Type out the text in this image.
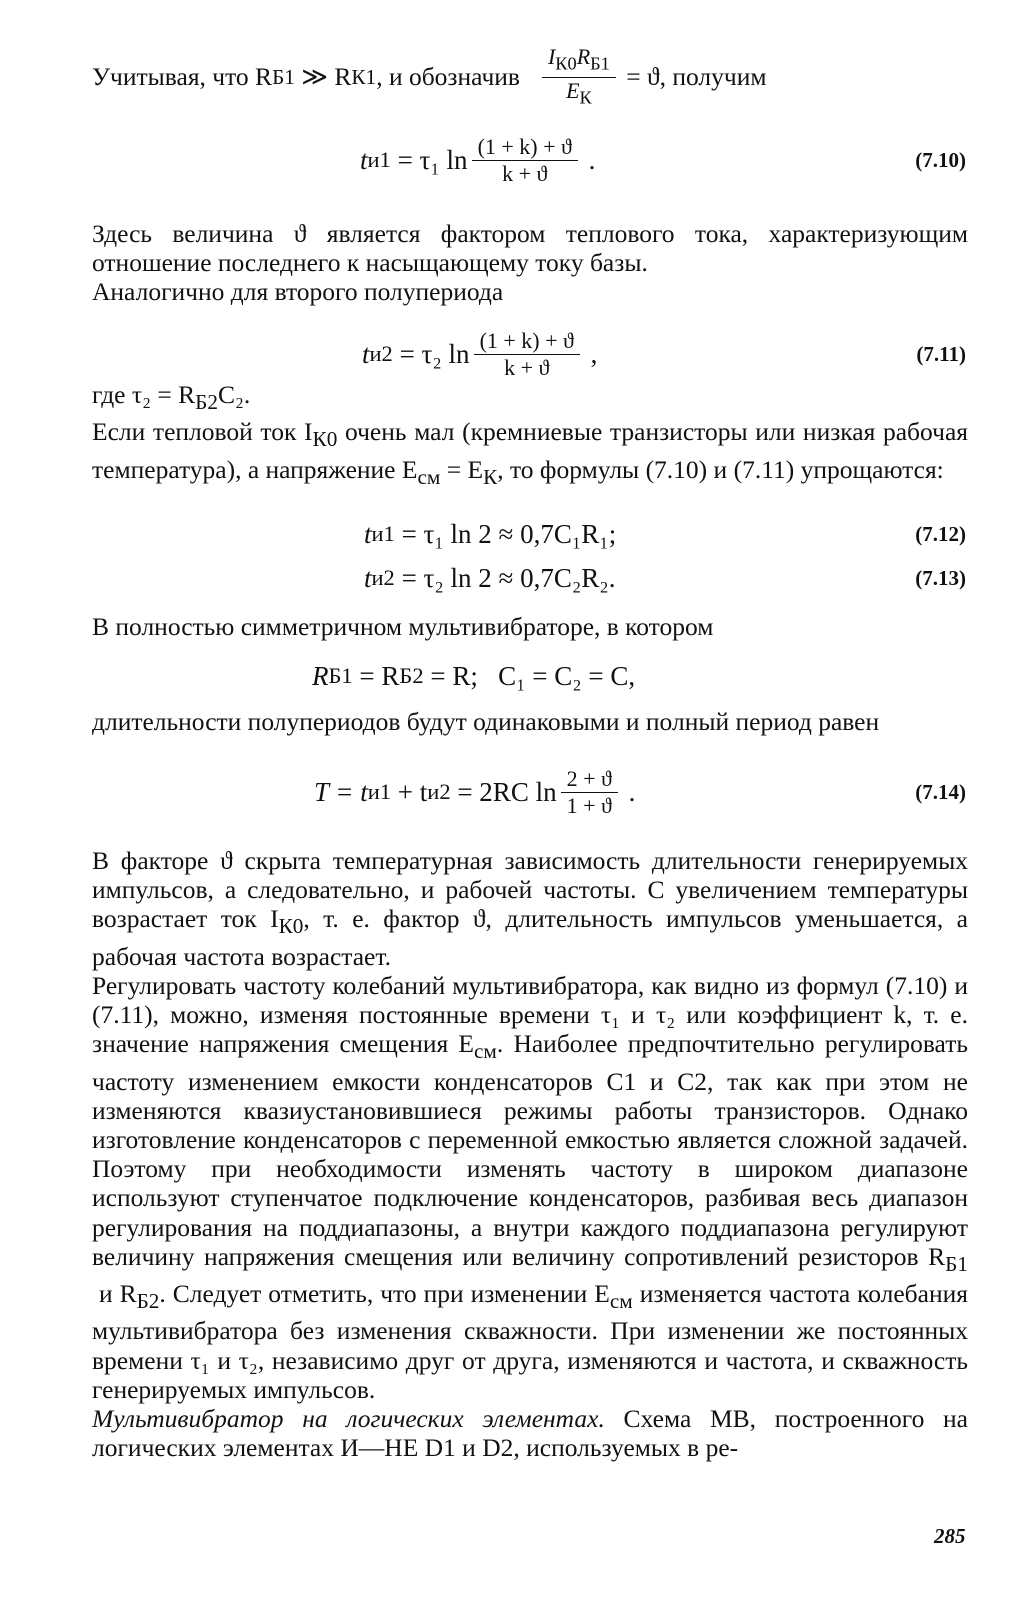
Учитывая, что R Б1 ≫ R К1 , и обозначив $\frac{I_{К0}R_{Б1}}{E_К} = ϑ$, получим
t и1 = τ₁ $\ln \frac{(1 + k) + ϑ}{k + ϑ}$ .	(7.10)

Здесь величина ϑ является фактором теплового тока, характеризующим отношение последнего к насыщающему току базы.

Аналогично для второго полупериода

t и2 = τ₂ $\ln \frac{(1 + k) + ϑ}{k + ϑ}$ ,	(7.11)

где $\tau_2 = R_{Б2}C_2$.

Если тепловой ток $I_{К0}$ очень мал (кремниевые транзисторы или низкая рабочая температура), а напряжение $E_{см} = E_К$, то формулы (7.10) и (7.11) упрощаются:

t и1 = τ₁ ln 2 ≈ 0,7C₁R₁;	(7.12)
t и2 = τ₂ ln 2 ≈ 0,7C₂R₂.	(7.13)

В полностью симметричном мультивибраторе, в котором

R Б1 = R Б2 = R;   C₁ = C₂ = C,

длительности полупериодов будут одинаковыми и полный период равен

T = t и1 + t и2 = 2RC $\ln \frac{2 + ϑ}{1 + ϑ}$ .	(7.14)

В факторе ϑ скрыта температурная зависимость длительности генерируемых импульсов, а следовательно, и рабочей частоты. С увеличением температуры возрастает ток $I_{К0}$, т. е. фактор ϑ, длительность импульсов уменьшается, а рабочая частота возрастает.

Регулировать частоту колебаний мультивибратора, как видно из формул (7.10) и (7.11), можно, изменяя постоянные времени τ₁ и τ₂ или коэффициент k, т. е. значение напряжения смещения $E_{см}$. Наиболее предпочтительно регулировать частоту изменением емкости конденсаторов C1 и C2, так как при этом не изменяются квазиустановившиеся режимы работы транзисторов. Однако изготовление конденсаторов с переменной емкостью является сложной задачей. Поэтому при необходимости изменять частоту в широком диапазоне используют ступенчатое подключение конденсаторов, разбивая весь диапазон регулирования на поддиапазоны, а внутри каждого поддиапазона регулируют величину напряжения смещения или величину сопротивлений резисторов $R_{Б1}$ и $R_{Б2}$. Следует отметить, что при изменении $E_{см}$ изменяется частота колебания мультивибратора без изменения скважности. При изменении же постоянных времени τ₁ и τ₂, независимо друг от друга, изменяются и частота, и скважность генерируемых импульсов.

Мультивибратор на логических элементах. Схема МВ, построенного на логических элементах И—НЕ D1 и D2, используемых в ре-

285
